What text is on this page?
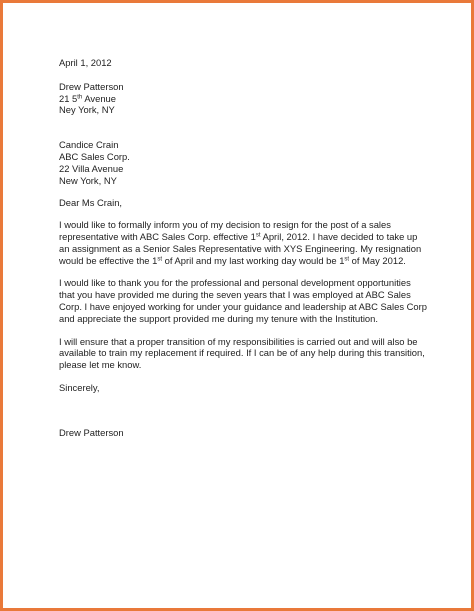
April 1, 2012

Drew Patterson
21 5th Avenue
Ney York, NY
Candice Crain
ABC Sales Corp.
22 Villa Avenue
New York, NY

Dear Ms Crain,

I would like to formally inform you of my decision to resign for the post of a sales
representative with ABC Sales Corp. effective 1st April, 2012. I have decided to take up
an assignment as a Senior Sales Representative with XYS Engineering. My resignation
would be effective the 1st of April and my last working day would be 1st of May 2012.
I would like to thank you for the professional and personal development opportunities
that you have provided me during the seven years that I was employed at ABC Sales
Corp. I have enjoyed working for under your guidance and leadership at ABC Sales Corp
and appreciate the support provided me during my tenure with the Institution.
I will ensure that a proper transition of my responsibilities is carried out and will also be
available to train my replacement if required. If I can be of any help during this transition,
please let me know.

Sincerely,

Drew Patterson
